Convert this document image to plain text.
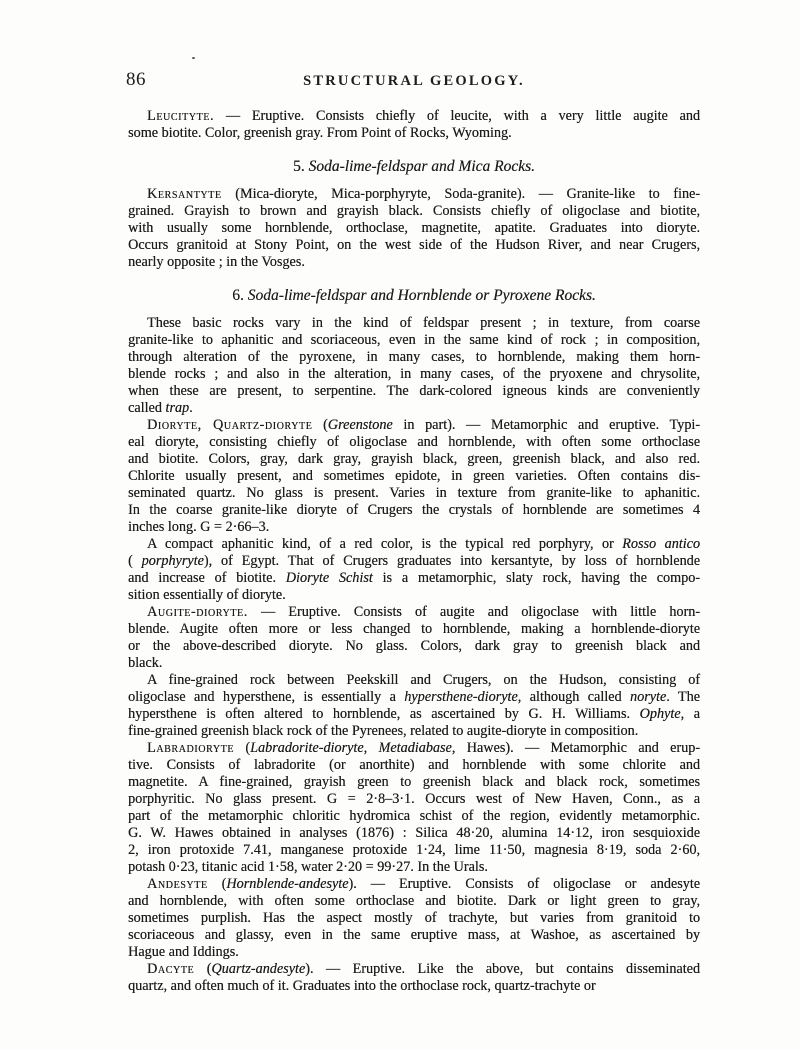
86	STRUCTURAL GEOLOGY.
Leucityte. — Eruptive. Consists chiefly of leucite, with a very little augite and
some biotite. Color, greenish gray. From Point of Rocks, Wyoming.
5. Soda-lime-feldspar and Mica Rocks.
Kersantyte (Mica-dioryte, Mica-porphyryte, Soda-granite). — Granite-like to fine-
grained. Grayish to brown and grayish black. Consists chiefly of oligoclase and biotite,
with usually some hornblende, orthoclase, magnetite, apatite. Graduates into dioryte.
Occurs granitoid at Stony Point, on the west side of the Hudson River, and near Crugers,
nearly opposite ; in the Vosges.
6. Soda-lime-feldspar and Hornblende or Pyroxene Rocks.
These basic rocks vary in the kind of feldspar present ; in texture, from coarse
granite-like to aphanitic and scoriaceous, even in the same kind of rock ; in composition,
through alteration of the pyroxene, in many cases, to hornblende, making them horn-
blende rocks ; and also in the alteration, in many cases, of the pryoxene and chrysolite,
when these are present, to serpentine. The dark-colored igneous kinds are conveniently
called trap.
Dioryte, Quartz-dioryte (Greenstone in part). — Metamorphic and eruptive. Typi-
eal dioryte, consisting chiefly of oligoclase and hornblende, with often some orthoclase
and biotite. Colors, gray, dark gray, grayish black, green, greenish black, and also red.
Chlorite usually present, and sometimes epidote, in green varieties. Often contains dis-
seminated quartz. No glass is present. Varies in texture from granite-like to aphanitic.
In the coarse granite-like dioryte of Crugers the crystals of hornblende are sometimes 4
inches long. G = 2·66–3.
A compact aphanitic kind, of a red color, is the typical red porphyry, or Rosso antico
( porphyryte), of Egypt. That of Crugers graduates into kersantyte, by loss of hornblende
and increase of biotite. Dioryte Schist is a metamorphic, slaty rock, having the compo-
sition essentially of dioryte.
Augite-dioryte. — Eruptive. Consists of augite and oligoclase with little horn-
blende. Augite often more or less changed to hornblende, making a hornblende-dioryte
or the above-described dioryte. No glass. Colors, dark gray to greenish black and
black.
A fine-grained rock between Peekskill and Crugers, on the Hudson, consisting of
oligoclase and hypersthene, is essentially a hypersthene-dioryte, although called noryte. The
hypersthene is often altered to hornblende, as ascertained by G. H. Williams. Ophyte, a
fine-grained greenish black rock of the Pyrenees, related to augite-dioryte in composition.
Labradioryte (Labradorite-dioryte, Metadiabase, Hawes). — Metamorphic and erup-
tive. Consists of labradorite (or anorthite) and hornblende with some chlorite and
magnetite. A fine-grained, grayish green to greenish black and black rock, sometimes
porphyritic. No glass present. G = 2·8–3·1. Occurs west of New Haven, Conn., as a
part of the metamorphic chloritic hydromica schist of the region, evidently metamorphic.
G. W. Hawes obtained in analyses (1876) : Silica 48·20, alumina 14·12, iron sesquioxide
2, iron protoxide 7.41, manganese protoxide 1·24, lime 11·50, magnesia 8·19, soda 2·60,
potash 0·23, titanic acid 1·58, water 2·20 = 99·27. In the Urals.
Andesyte (Hornblende-andesyte). — Eruptive. Consists of oligoclase or andesyte
and hornblende, with often some orthoclase and biotite. Dark or light green to gray,
sometimes purplish. Has the aspect mostly of trachyte, but varies from granitoid to
scoriaceous and glassy, even in the same eruptive mass, at Washoe, as ascertained by
Hague and Iddings.
Dacyte (Quartz-andesyte). — Eruptive. Like the above, but contains disseminated
quartz, and often much of it. Graduates into the orthoclase rock, quartz-trachyte or
